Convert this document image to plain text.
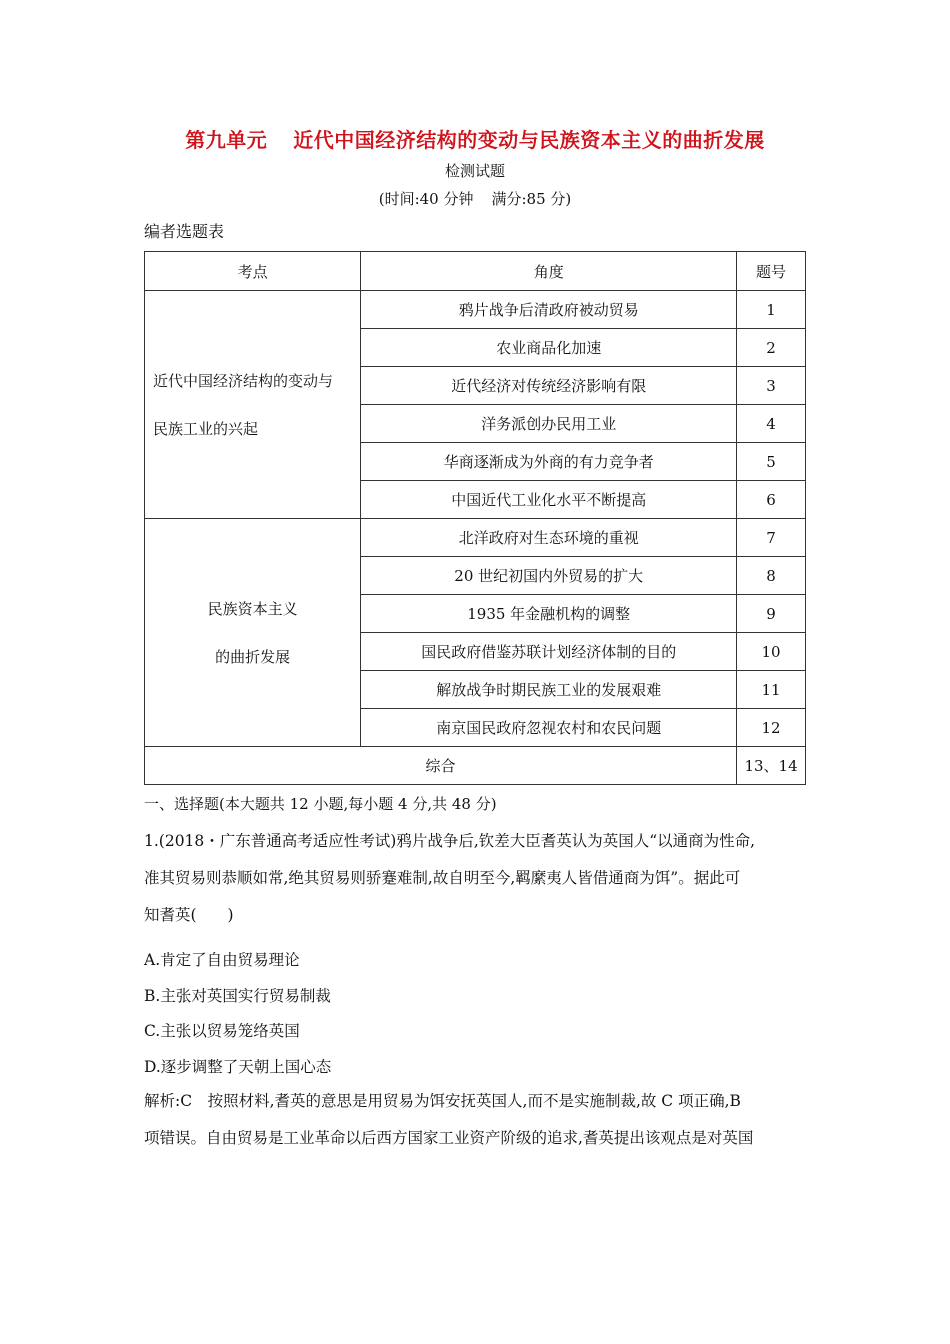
第九单元 近代中国经济结构的变动与民族资本主义的曲折发展
检测试题
(时间:40 分钟 满分:85 分)
编者选题表
考点	角度	题号

近代中国经济结构的变动与
民族工业的兴起	鸦片战争后清政府被动贸易	1
	农业商品化加速	2
	近代经济对传统经济影响有限	3
	洋务派创办民用工业	4
	华商逐渐成为外商的有力竞争者	5
	中国近代工业化水平不断提高	6

民族资本主义
的曲折发展	北洋政府对生态环境的重视	7
	20 世纪初国内外贸易的扩大	8
	1935 年金融机构的调整	9
	国民政府借鉴苏联计划经济体制的目的	10
	解放战争时期民族工业的发展艰难	11
	南京国民政府忽视农村和农民问题	12
综合		13、14
一、选择题(本大题共 12 小题,每小题 4 分,共 48 分)
1.(2018・广东普通高考适应性考试)鸦片战争后,钦差大臣耆英认为英国人“以通商为性命,
准其贸易则恭顺如常,绝其贸易则骄蹇难制,故自明至今,羁縻夷人皆借通商为饵”。据此可
知耆英(　　)
A.肯定了自由贸易理论
B.主张对英国实行贸易制裁
C.主张以贸易笼络英国
D.逐步调整了天朝上国心态
解析:C　按照材料,耆英的意思是用贸易为饵安抚英国人,而不是实施制裁,故 C 项正确,B
项错误。自由贸易是工业革命以后西方国家工业资产阶级的追求,耆英提出该观点是对英国
